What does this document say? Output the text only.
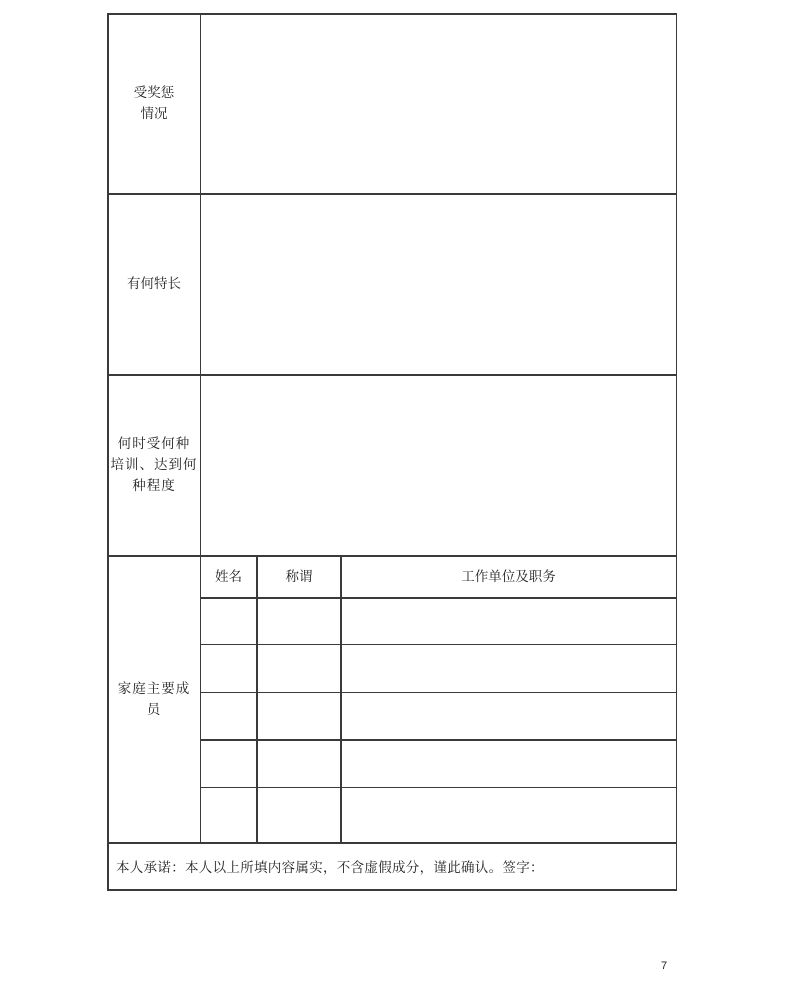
受奖惩
情况
有何特长
何时受何种
培训、达到何
种程度
家庭主要成
员
姓名	称谓	工作单位及职务
本人承诺：本人以上所填内容属实，不含虚假成分，谨此确认。签字：
7
